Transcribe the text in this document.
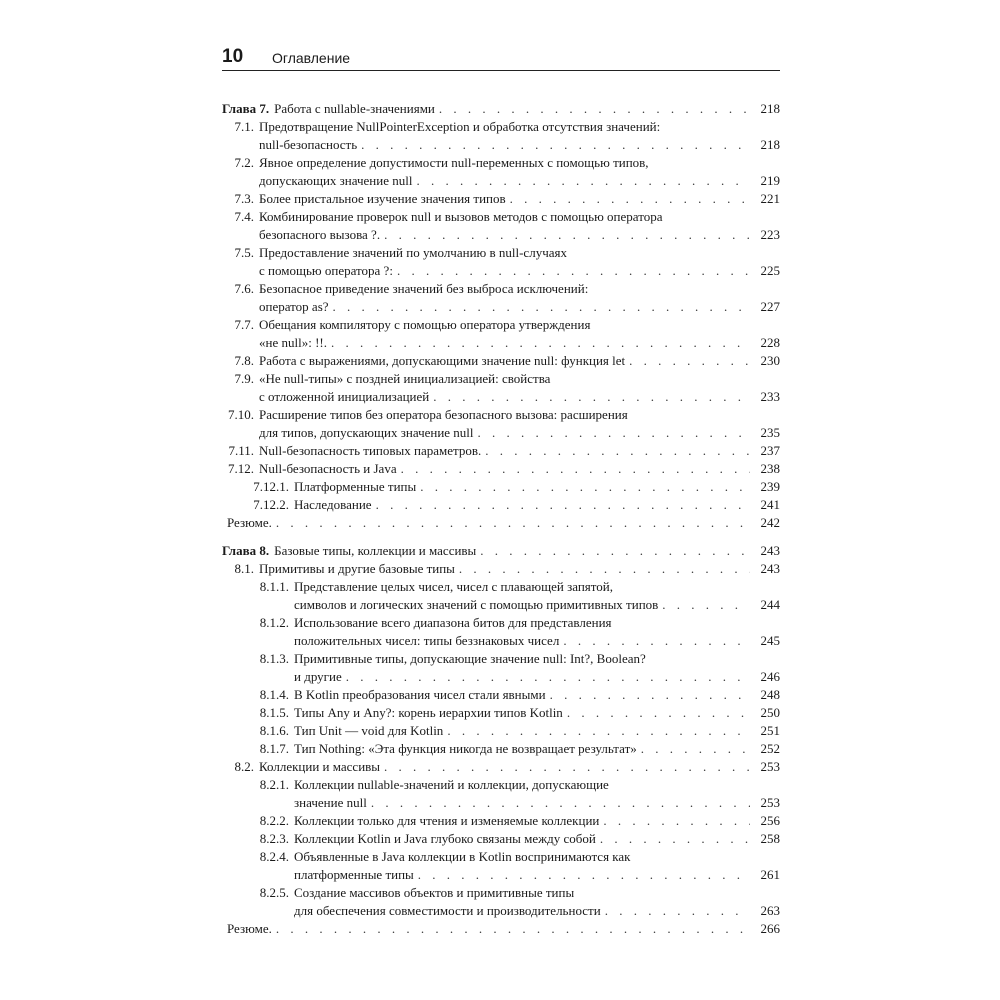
10 Оглавление
Глава 7. Работа с nullable-значениями . . .	218
7.1. Предотвращение NullPointerException и обработка отсутствия значений:
null-безопасность . . .	218
7.2. Явное определение допустимости null-переменных с помощью типов,
допускающих значение null . . .	219
7.3. Более пристальное изучение значения типов . . .	221
7.4. Комбинирование проверок null и вызовов методов с помощью оператора
безопасного вызова ?. . . .	223
7.5. Предоставление значений по умолчанию в null-случаях
с помощью оператора ?: . . .	225
7.6. Безопасное приведение значений без выброса исключений:
оператор as? . . .	227
7.7. Обещания компилятору с помощью оператора утверждения
«не null»: !!. . . .	228
7.8. Работа с выражениями, допускающими значение null: функция let . . .	230
7.9. «Не null-типы» с поздней инициализацией: свойства
с отложенной инициализацией . . .	233
7.10. Расширение типов без оператора безопасного вызова: расширения
для типов, допускающих значение null . . .	235
7.11. Null-безопасность типовых параметров. . . .	237
7.12. Null-безопасность и Java . . .	238
7.12.1. Платформенные типы . . .	239
7.12.2. Наследование . . .	241
Резюме. . . .	242
Глава 8. Базовые типы, коллекции и массивы . . .	243
8.1. Примитивы и другие базовые типы . . .	243
8.1.1. Представление целых чисел, чисел с плавающей запятой,
символов и логических значений с помощью примитивных типов . . .	244
8.1.2. Использование всего диапазона битов для представления
положительных чисел: типы беззнаковых чисел . . .	245
8.1.3. Примитивные типы, допускающие значение null: Int?, Boolean?
и другие . . .	246
8.1.4. В Kotlin преобразования чисел стали явными . . .	248
8.1.5. Типы Any и Any?: корень иерархии типов Kotlin . . .	250
8.1.6. Тип Unit — void для Kotlin . . .	251
8.1.7. Тип Nothing: «Эта функция никогда не возвращает результат» . . .	252
8.2. Коллекции и массивы . . .	253
8.2.1. Коллекции nullable-значений и коллекции, допускающие
значение null . . .	253
8.2.2. Коллекции только для чтения и изменяемые коллекции . . .	256
8.2.3. Коллекции Kotlin и Java глубоко связаны между собой . . .	258
8.2.4. Объявленные в Java коллекции в Kotlin воспринимаются как
платформенные типы . . .	261
8.2.5. Создание массивов объектов и примитивные типы
для обеспечения совместимости и производительности . . .	263
Резюме. . . .	266
